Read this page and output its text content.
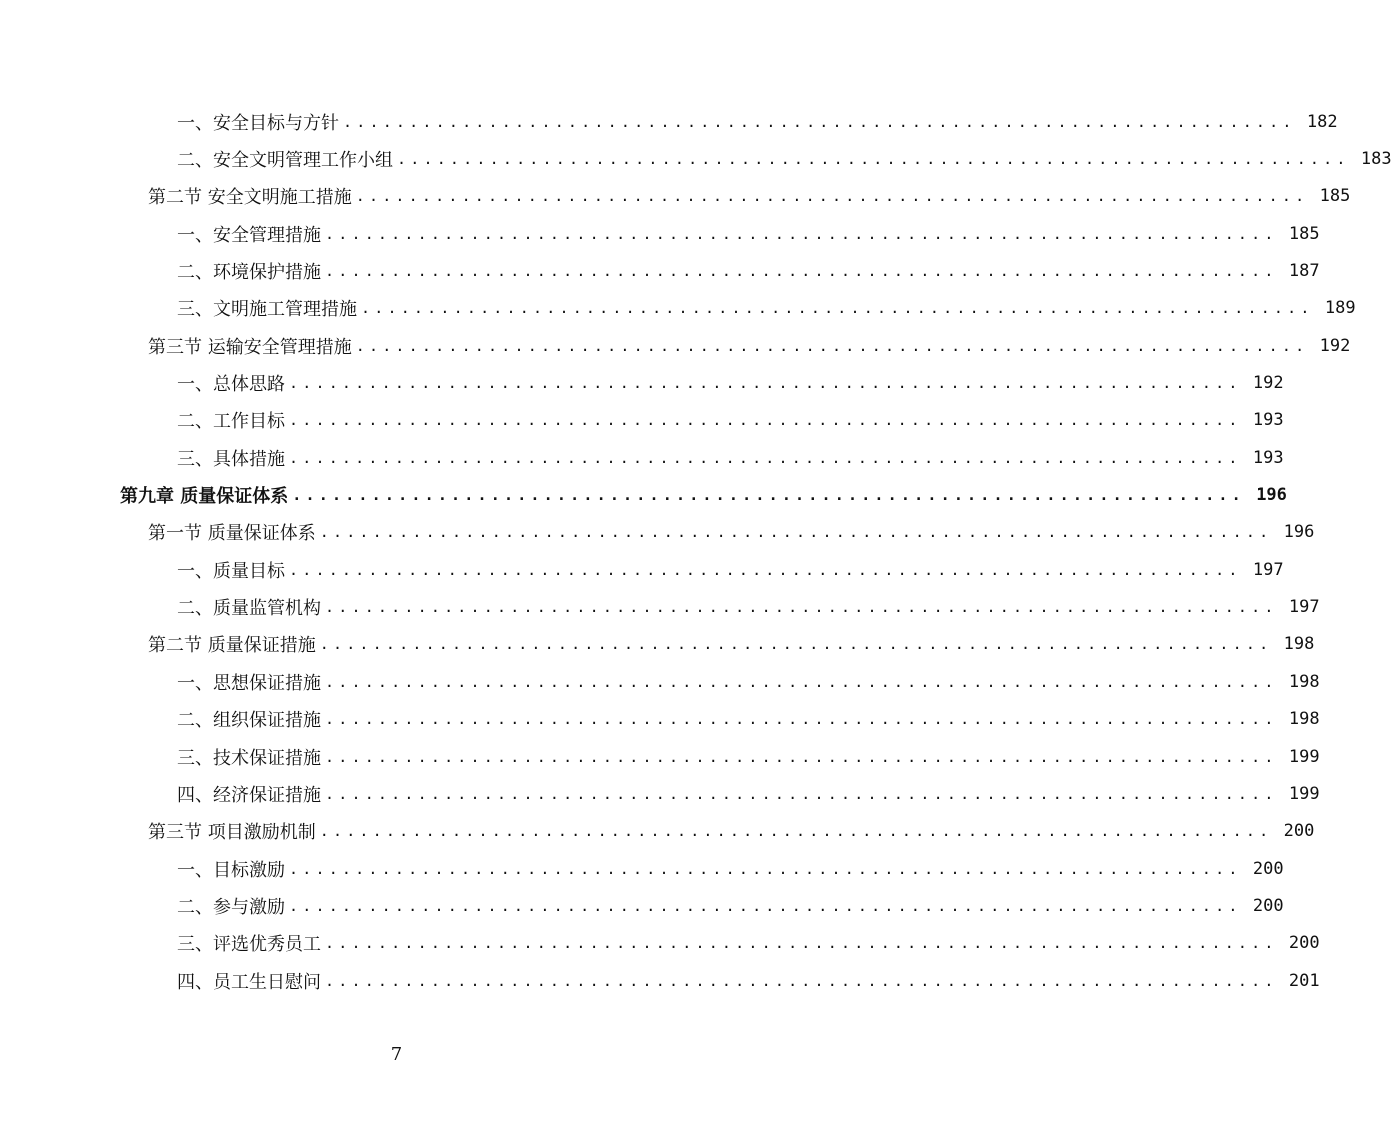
一、安全目标与方针 ........................................................................ 182
二、安全文明管理工作小组 ........................................................................ 183
第二节 安全文明施工措施 ........................................................................ 185
一、安全管理措施 ........................................................................ 185
二、环境保护措施 ........................................................................ 187
三、文明施工管理措施 ........................................................................ 189
第三节 运输安全管理措施 ........................................................................ 192
一、总体思路 ........................................................................ 192
二、工作目标 ........................................................................ 193
三、具体措施 ........................................................................ 193
第九章 质量保证体系 ........................................................................ 196
第一节 质量保证体系 ........................................................................ 196
一、质量目标 ........................................................................ 197
二、质量监管机构 ........................................................................ 197
第二节 质量保证措施 ........................................................................ 198
一、思想保证措施 ........................................................................ 198
二、组织保证措施 ........................................................................ 198
三、技术保证措施 ........................................................................ 199
四、经济保证措施 ........................................................................ 199
第三节 项目激励机制 ........................................................................ 200
一、目标激励 ........................................................................ 200
二、参与激励 ........................................................................ 200
三、评选优秀员工 ........................................................................ 200
四、员工生日慰问 ........................................................................ 201
7
